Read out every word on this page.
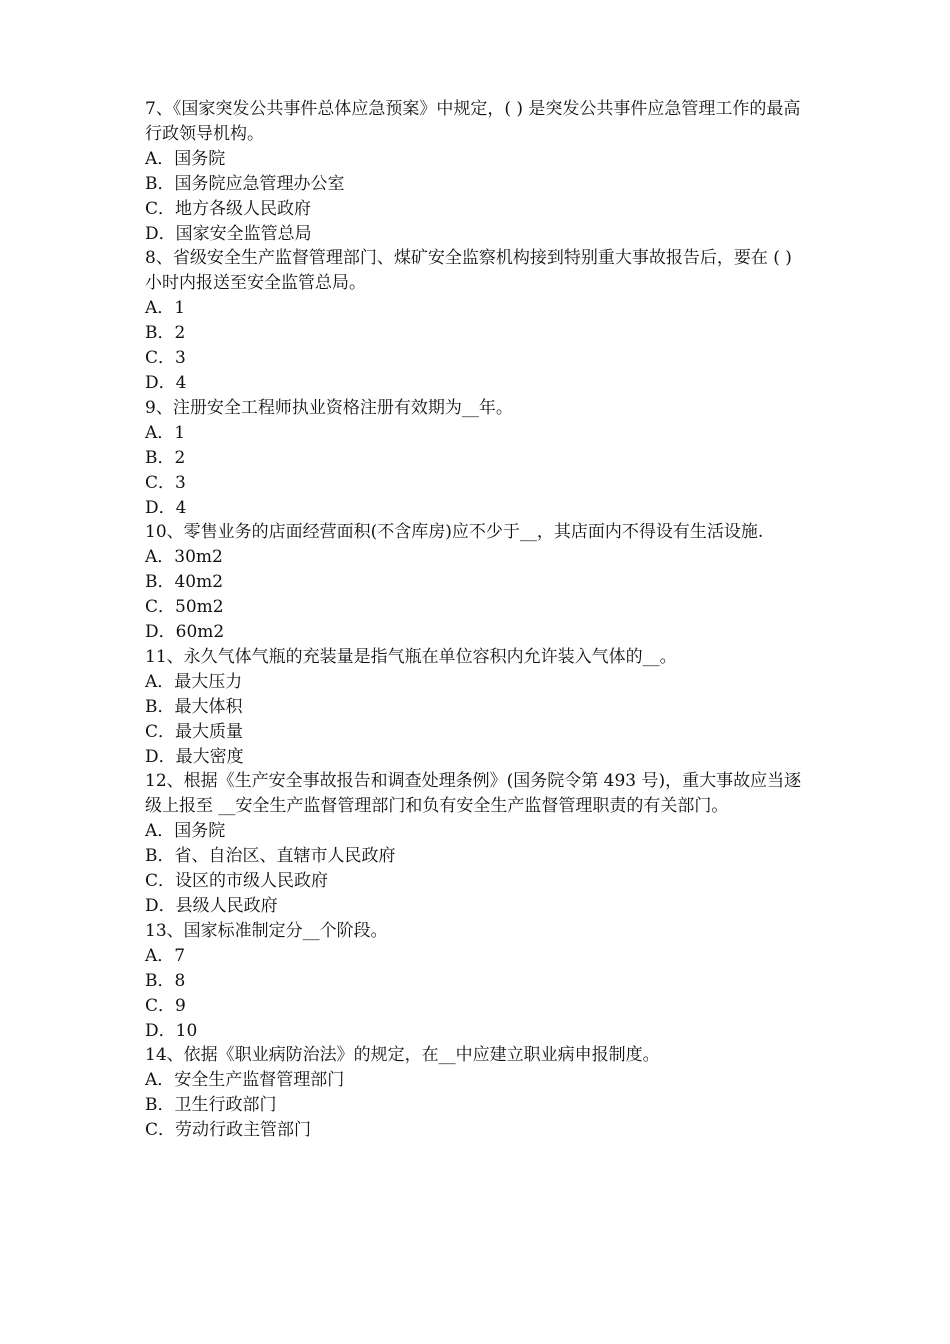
7、《国家突发公共事件总体应急预案》中规定，( ) 是突发公共事件应急管理工作的最高行政领导机构。

A．国务院

B．国务院应急管理办公室

C．地方各级人民政府

D．国家安全监管总局

8、省级安全生产监督管理部门、煤矿安全监察机构接到特别重大事故报告后，要在 ( ) 小时内报送至安全监管总局。

A．1

B．2

C．3

D．4

9、注册安全工程师执业资格注册有效期为__年。

A．1

B．2

C．3

D．4

10、零售业务的店面经营面积(不含库房)应不少于__，其店面内不得设有生活设施.

A．30m2

B．40m2

C．50m2

D．60m2

11、永久气体气瓶的充装量是指气瓶在单位容积内允许装入气体的__。

A．最大压力

B．最大体积

C．最大质量

D．最大密度

12、根据《生产安全事故报告和调查处理条例》(国务院令第 493 号)，重大事故应当逐级上报至 __安全生产监督管理部门和负有安全生产监督管理职责的有关部门。

A．国务院

B．省、自治区、直辖市人民政府

C．设区的市级人民政府

D．县级人民政府

13、国家标准制定分__个阶段。

A．7

B．8

C．9

D．10

14、依据《职业病防治法》的规定，在__中应建立职业病申报制度。

A．安全生产监督管理部门

B．卫生行政部门

C．劳动行政主管部门
